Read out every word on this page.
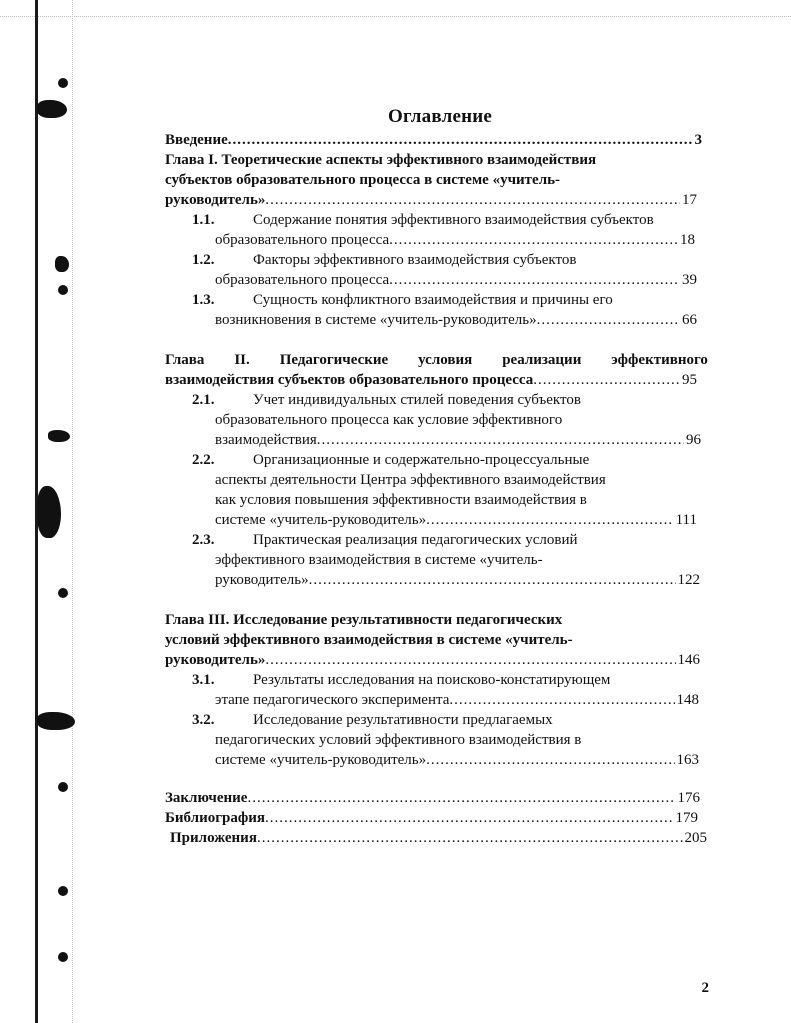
Оглавление
Введение .....	3
Глава I. Теоретические аспекты эффективного взаимодействия
субъектов образовательного процесса в системе «учитель-
руководитель» .....	17
1.1.	Содержание понятия эффективного взаимодействия субъектов
образовательного процесса .....	18
1.2.	Факторы эффективного взаимодействия субъектов
образовательного процесса .....	39
1.3.	Сущность конфликтного взаимодействия и причины его
возникновения в системе «учитель-руководитель» .....	66
Глава II. Педагогические условия реализации эффективного
взаимодействия субъектов образовательного процесса .....	95
2.1.	Учет индивидуальных стилей поведения субъектов
образовательного процесса как условие эффективного
взаимодействия .....	96
2.2.	Организационные и содержательно-процессуальные
аспекты деятельности Центра эффективного взаимодействия
как условия повышения эффективности взаимодействия в
системе «учитель-руководитель» .....	111
2.3.	Практическая реализация педагогических условий
эффективного взаимодействия в системе «учитель-
руководитель» .....	122
Глава III. Исследование результативности педагогических
условий эффективного взаимодействия в системе «учитель-
руководитель» .....	146
3.1.	Результаты исследования на поисково-констатирующем
этапе педагогического эксперимента .....	148
3.2.	Исследование результативности предлагаемых
педагогических условий эффективного взаимодействия в
системе «учитель-руководитель» .....	163
Заключение .....	176
Библиография .....	179
Приложения .....	205
2
